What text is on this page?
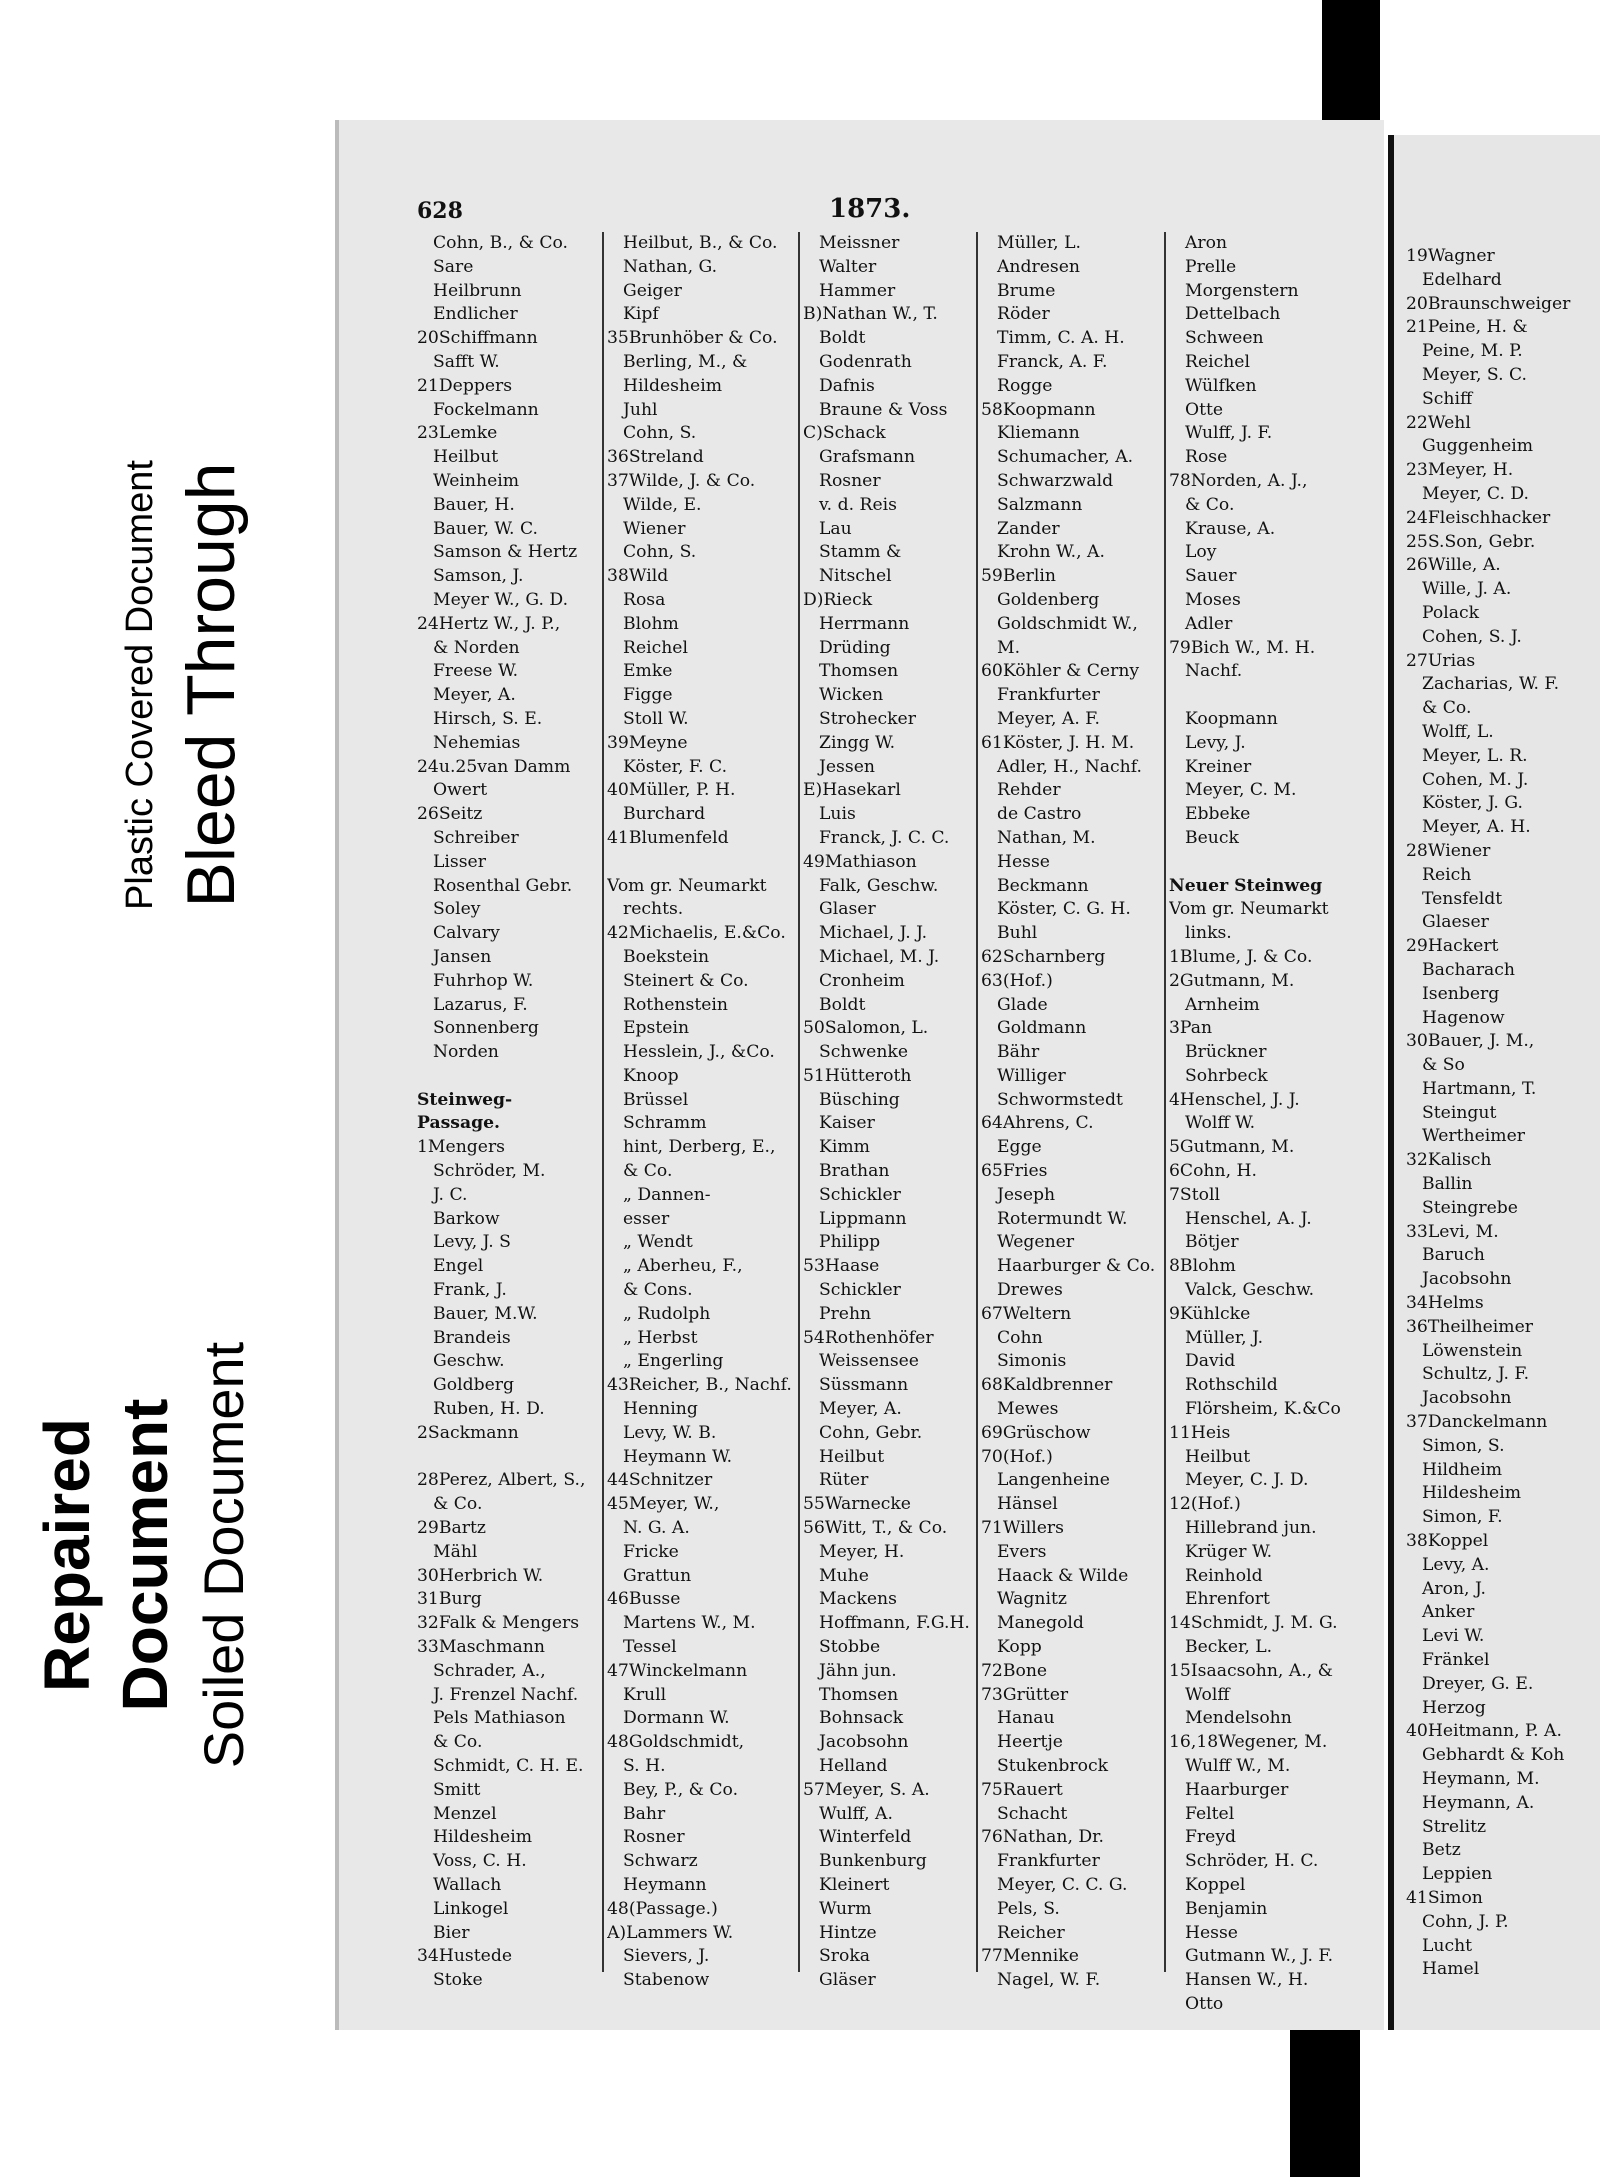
Plastic Covered Document Bleed Through
Repaired Document Soiled Document
628	1873.
Cohn, B., & Co.
Sare
Heilbrunn
Endlicher
20Schiffmann
Safft W.
21Deppers
Fockelmann
23Lemke
Heilbut
Weinheim
Bauer, H.
Bauer, W. C.
Samson & Hertz
Samson, J.
Meyer W., G. D.
24Hertz W., J. P.,
& Norden
Freese W.
Meyer, A.
Hirsch, S. E.
Nehemias
24u.25van Damm
Owert
26Seitz
Schreiber
Lisser
Rosenthal Gebr.
Soley
Calvary
Jansen
Fuhrhop W.
Lazarus, F.
Sonnenberg
Norden
Steinweg-
Passage.
1Mengers
Schröder, M.
J. C.
Barkow
Levy, J. S
Engel
Frank, J.
Bauer, M.W.
Brandeis
Geschw.
Goldberg
Ruben, H. D.
2Sackmann
28Perez, Albert, S.,
& Co.
29Bartz
Mähl
30Herbrich W.
31Burg
32Falk & Mengers
33Maschmann
Schrader, A.,
J. Frenzel Nachf.
Pels Mathiason
& Co.
Schmidt, C. H. E.
Smitt
Menzel
Hildesheim
Voss, C. H.
Wallach
Linkogel
Bier
34Hustede
Stoke
Heilbut, B., & Co.
Nathan, G.
Geiger
Kipf
35Brunhöber & Co.
Berling, M., &
Hildesheim
Juhl
Cohn, S.
36Streland
37Wilde, J. & Co.
Wilde, E.
Wiener
Cohn, S.
38Wild
Rosa
Blohm
Reichel
Emke
Figge
Stoll W.
39Meyne
Köster, F. C.
40Müller, P. H.
Burchard
41Blumenfeld
Vom gr. Neumarkt
rechts.
42Michaelis, E.&Co.
Boekstein
Steinert & Co.
Rothenstein
Epstein
Hesslein, J., &Co.
Knoop
Brüssel
Schramm
hint, Derberg, E.,
& Co.
„ Dannen-
esser
„ Wendt
„ Aberheu, F.,
& Cons.
„ Rudolph
„ Herbst
„ Engerling
43Reicher, B., Nachf.
Henning
Levy, W. B.
Heymann W.
44Schnitzer
45Meyer, W.,
N. G. A.
Fricke
Grattun
46Busse
Martens W., M.
Tessel
47Winckelmann
Krull
Dormann W.
48Goldschmidt,
S. H.
Bey, P., & Co.
Bahr
Rosner
Schwarz
Heymann
48(Passage.)
A)Lammers W.
Sievers, J.
Stabenow
Meissner
Walter
Hammer
B)Nathan W., T.
Boldt
Godenrath
Dafnis
Braune & Voss
C)Schack
Grafsmann
Rosner
v. d. Reis
Lau
Stamm &
Nitschel
D)Rieck
Herrmann
Drüding
Thomsen
Wicken
Strohecker
Zingg W.
Jessen
E)Hasekarl
Luis
Franck, J. C. C.
49Mathiason
Falk, Geschw.
Glaser
Michael, J. J.
Michael, M. J.
Cronheim
Boldt
50Salomon, L.
Schwenke
51Hütteroth
Büsching
Kaiser
Kimm
Brathan
Schickler
Lippmann
Philipp
53Haase
Schickler
Prehn
54Rothenhöfer
Weissensee
Süssmann
Meyer, A.
Cohn, Gebr.
Heilbut
Rüter
55Warnecke
56Witt, T., & Co.
Meyer, H.
Muhe
Mackens
Hoffmann, F.G.H.
Stobbe
Jähn jun.
Thomsen
Bohnsack
Jacobsohn
Helland
57Meyer, S. A.
Wulff, A.
Winterfeld
Bunkenburg
Kleinert
Wurm
Hintze
Sroka
Gläser
Müller, L.
Andresen
Brume
Röder
Timm, C. A. H.
Franck, A. F.
Rogge
58Koopmann
Kliemann
Schumacher, A.
Schwarzwald
Salzmann
Zander
Krohn W., A.
59Berlin
Goldenberg
Goldschmidt W.,
M.
60Köhler & Cerny
Frankfurter
Meyer, A. F.
61Köster, J. H. M.
Adler, H., Nachf.
Rehder
de Castro
Nathan, M.
Hesse
Beckmann
Köster, C. G. H.
Buhl
62Scharnberg
63(Hof.)
Glade
Goldmann
Bähr
Williger
Schwormstedt
64Ahrens, C.
Egge
65Fries
Jeseph
Rotermundt W.
Wegener
Haarburger & Co.
Drewes
67Weltern
Cohn
Simonis
68Kaldbrenner
Mewes
69Grüschow
70(Hof.)
Langenheine
Hänsel
71Willers
Evers
Haack & Wilde
Wagnitz
Manegold
Kopp
72Bone
73Grütter
Hanau
Heertje
Stukenbrock
75Rauert
Schacht
76Nathan, Dr.
Frankfurter
Meyer, C. C. G.
Pels, S.
Reicher
77Mennike
Nagel, W. F.
Aron
Prelle
Morgenstern
Dettelbach
Schween
Reichel
Wülfken
Otte
Wulff, J. F.
Rose
78Norden, A. J.,
& Co.
Krause, A.
Loy
Sauer
Moses
Adler
79Bich W., M. H.
Nachf.
Koopmann
Levy, J.
Kreiner
Meyer, C. M.
Ebbeke
Beuck
Neuer Steinweg
Vom gr. Neumarkt
links.
1Blume, J. & Co.
2Gutmann, M.
Arnheim
3Pan
Brückner
Sohrbeck
4Henschel, J. J.
Wolff W.
5Gutmann, M.
6Cohn, H.
7Stoll
Henschel, A. J.
Bötjer
8Blohm
Valck, Geschw.
9Kühlcke
Müller, J.
David
Rothschild
Flörsheim, K.&Co
11Heis
Heilbut
Meyer, C. J. D.
12(Hof.)
Hillebrand jun.
Krüger W.
Reinhold
Ehrenfort
14Schmidt, J. M. G.
Becker, L.
15Isaacsohn, A., &
Wolff
Mendelsohn
16,18Wegener, M.
Wulff W., M.
Haarburger
Feltel
Freyd
Schröder, H. C.
Koppel
Benjamin
Hesse
Gutmann W., J. F.
Hansen W., H.
Otto
19Wagner
Edelhard
20Braunschweiger
21Peine, H. &
Peine, M. P.
Meyer, S. C.
Schiff
22Wehl
Guggenheim
23Meyer, H.
Meyer, C. D.
24Fleischhacker
25S.Son, Gebr.
26Wille, A.
Wille, J. A.
Polack
Cohen, S. J.
27Urias
Zacharias, W. F.
& Co.
Wolff, L.
Meyer, L. R.
Cohen, M. J.
Köster, J. G.
Meyer, A. H.
28Wiener
Reich
Tensfeldt
Glaeser
29Hackert
Bacharach
Isenberg
Hagenow
30Bauer, J. M.,
& So
Hartmann, T.
Steingut
Wertheimer
32Kalisch
Ballin
Steingrebe
33Levi, M.
Baruch
Jacobsohn
34Helms
36Theilheimer
Löwenstein
Schultz, J. F.
Jacobsohn
37Danckelmann
Simon, S.
Hildheim
Hildesheim
Simon, F.
38Koppel
Levy, A.
Aron, J.
Anker
Levi W.
Fränkel
Dreyer, G. E.
Herzog
40Heitmann, P. A.
Gebhardt & Koh
Heymann, M.
Heymann, A.
Strelitz
Betz
Leppien
41Simon
Cohn, J. P.
Lucht
Hamel
